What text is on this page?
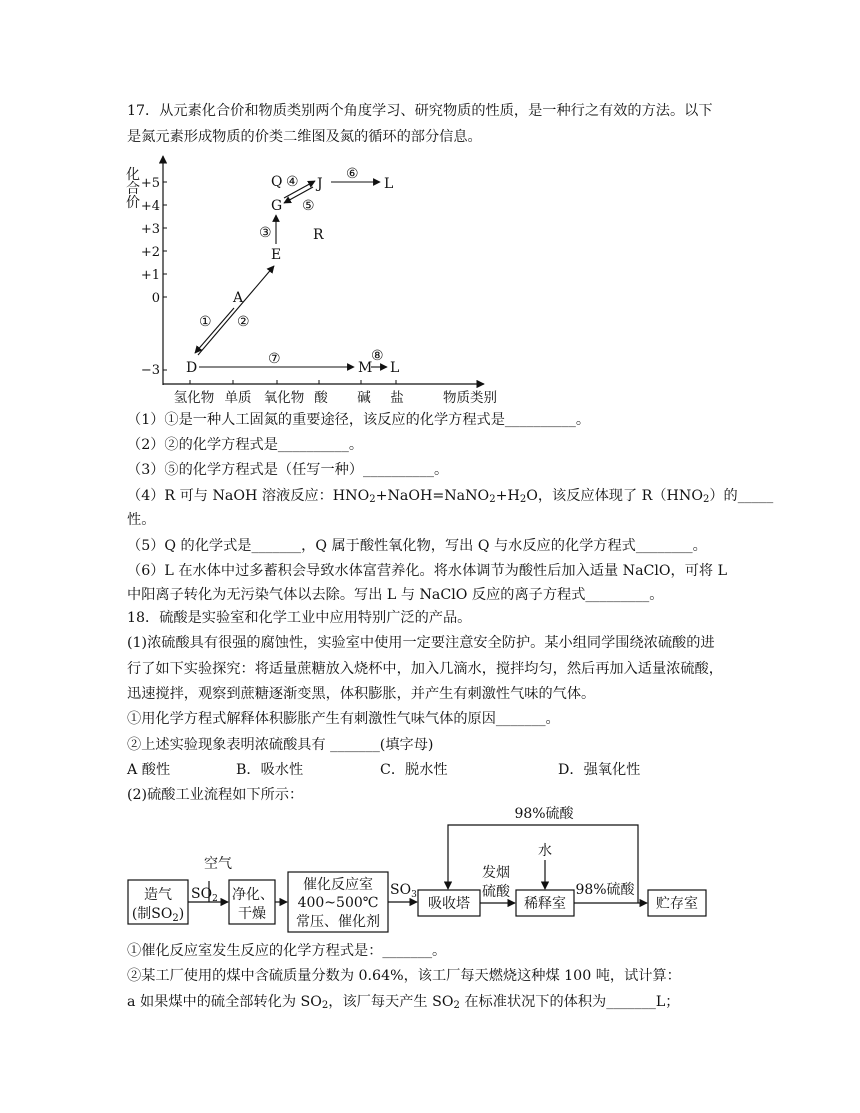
17．从元素化合价和物质类别两个角度学习、研究物质的性质，是一种行之有效的方法。以下
是氮元素形成物质的价类二维图及氮的循环的部分信息。
化
合
价
+5
+4
+3
+2
+1
0
−3
氢化物 单质 氧化物 酸 碱 盐	物质类别
Q J	L
G
R
E
A
D	M L
① ②
③
④
⑤
⑥
⑦	⑧
（1）①是一种人工固氮的重要途径，该反应的化学方程式是__________。
（2）②的化学方程式是__________。
（3）⑤的化学方程式是（任写一种）__________。
（4）R 可与 NaOH 溶液反应：$HNO_2+NaOH=NaNO_2+H_2O$，该反应体现了 $R(HNO_2)$的_____
性。
（5）Q 的化学式是_______，Q 属于酸性氧化物，写出 Q 与水反应的化学方程式________。
（6）L 在水体中过多蓄积会导致水体富营养化。将水体调节为酸性后加入适量 NaClO，可将 L
中阳离子转化为无污染气体以去除。写出 L 与 NaClO 反应的离子方程式_________。
18．硫酸是实验室和化学工业中应用特别广泛的产品。
(1)浓硫酸具有很强的腐蚀性，实验室中使用一定要注意安全防护。某小组同学围绕浓硫酸的进
行了如下实验探究：将适量蔗糖放入烧杯中，加入几滴水，搅拌均匀，然后再加入适量浓硫酸，
迅速搅拌，观察到蔗糖逐渐变黑，体积膨胀，并产生有刺激性气味的气体。
①用化学方程式解释体积膨胀产生有刺激性气味气体的原因_______。
②上述实验现象表明浓硫酸具有 _______(填字母)
A 酸性	B．吸水性	C．脱水性	D．强氧化性
(2)硫酸工业流程如下所示：
造气
(制$SO_2$)
空气
$SO_2$ 净化、
干燥
催化反应室
400~500℃
常压、催化剂
$SO_3$
吸收塔
发烟
硫酸
水
稀释室
98%硫酸
98%硫酸
贮存室
①催化反应室发生反应的化学方程式是：_______。
②某工厂使用的煤中含硫质量分数为 0.64%，该工厂每天燃烧这种煤 100 吨，试计算：
a 如果煤中的硫全部转化为 $SO_2$，该厂每天产生 $SO_2$ 在标准状况下的体积为_______L；
